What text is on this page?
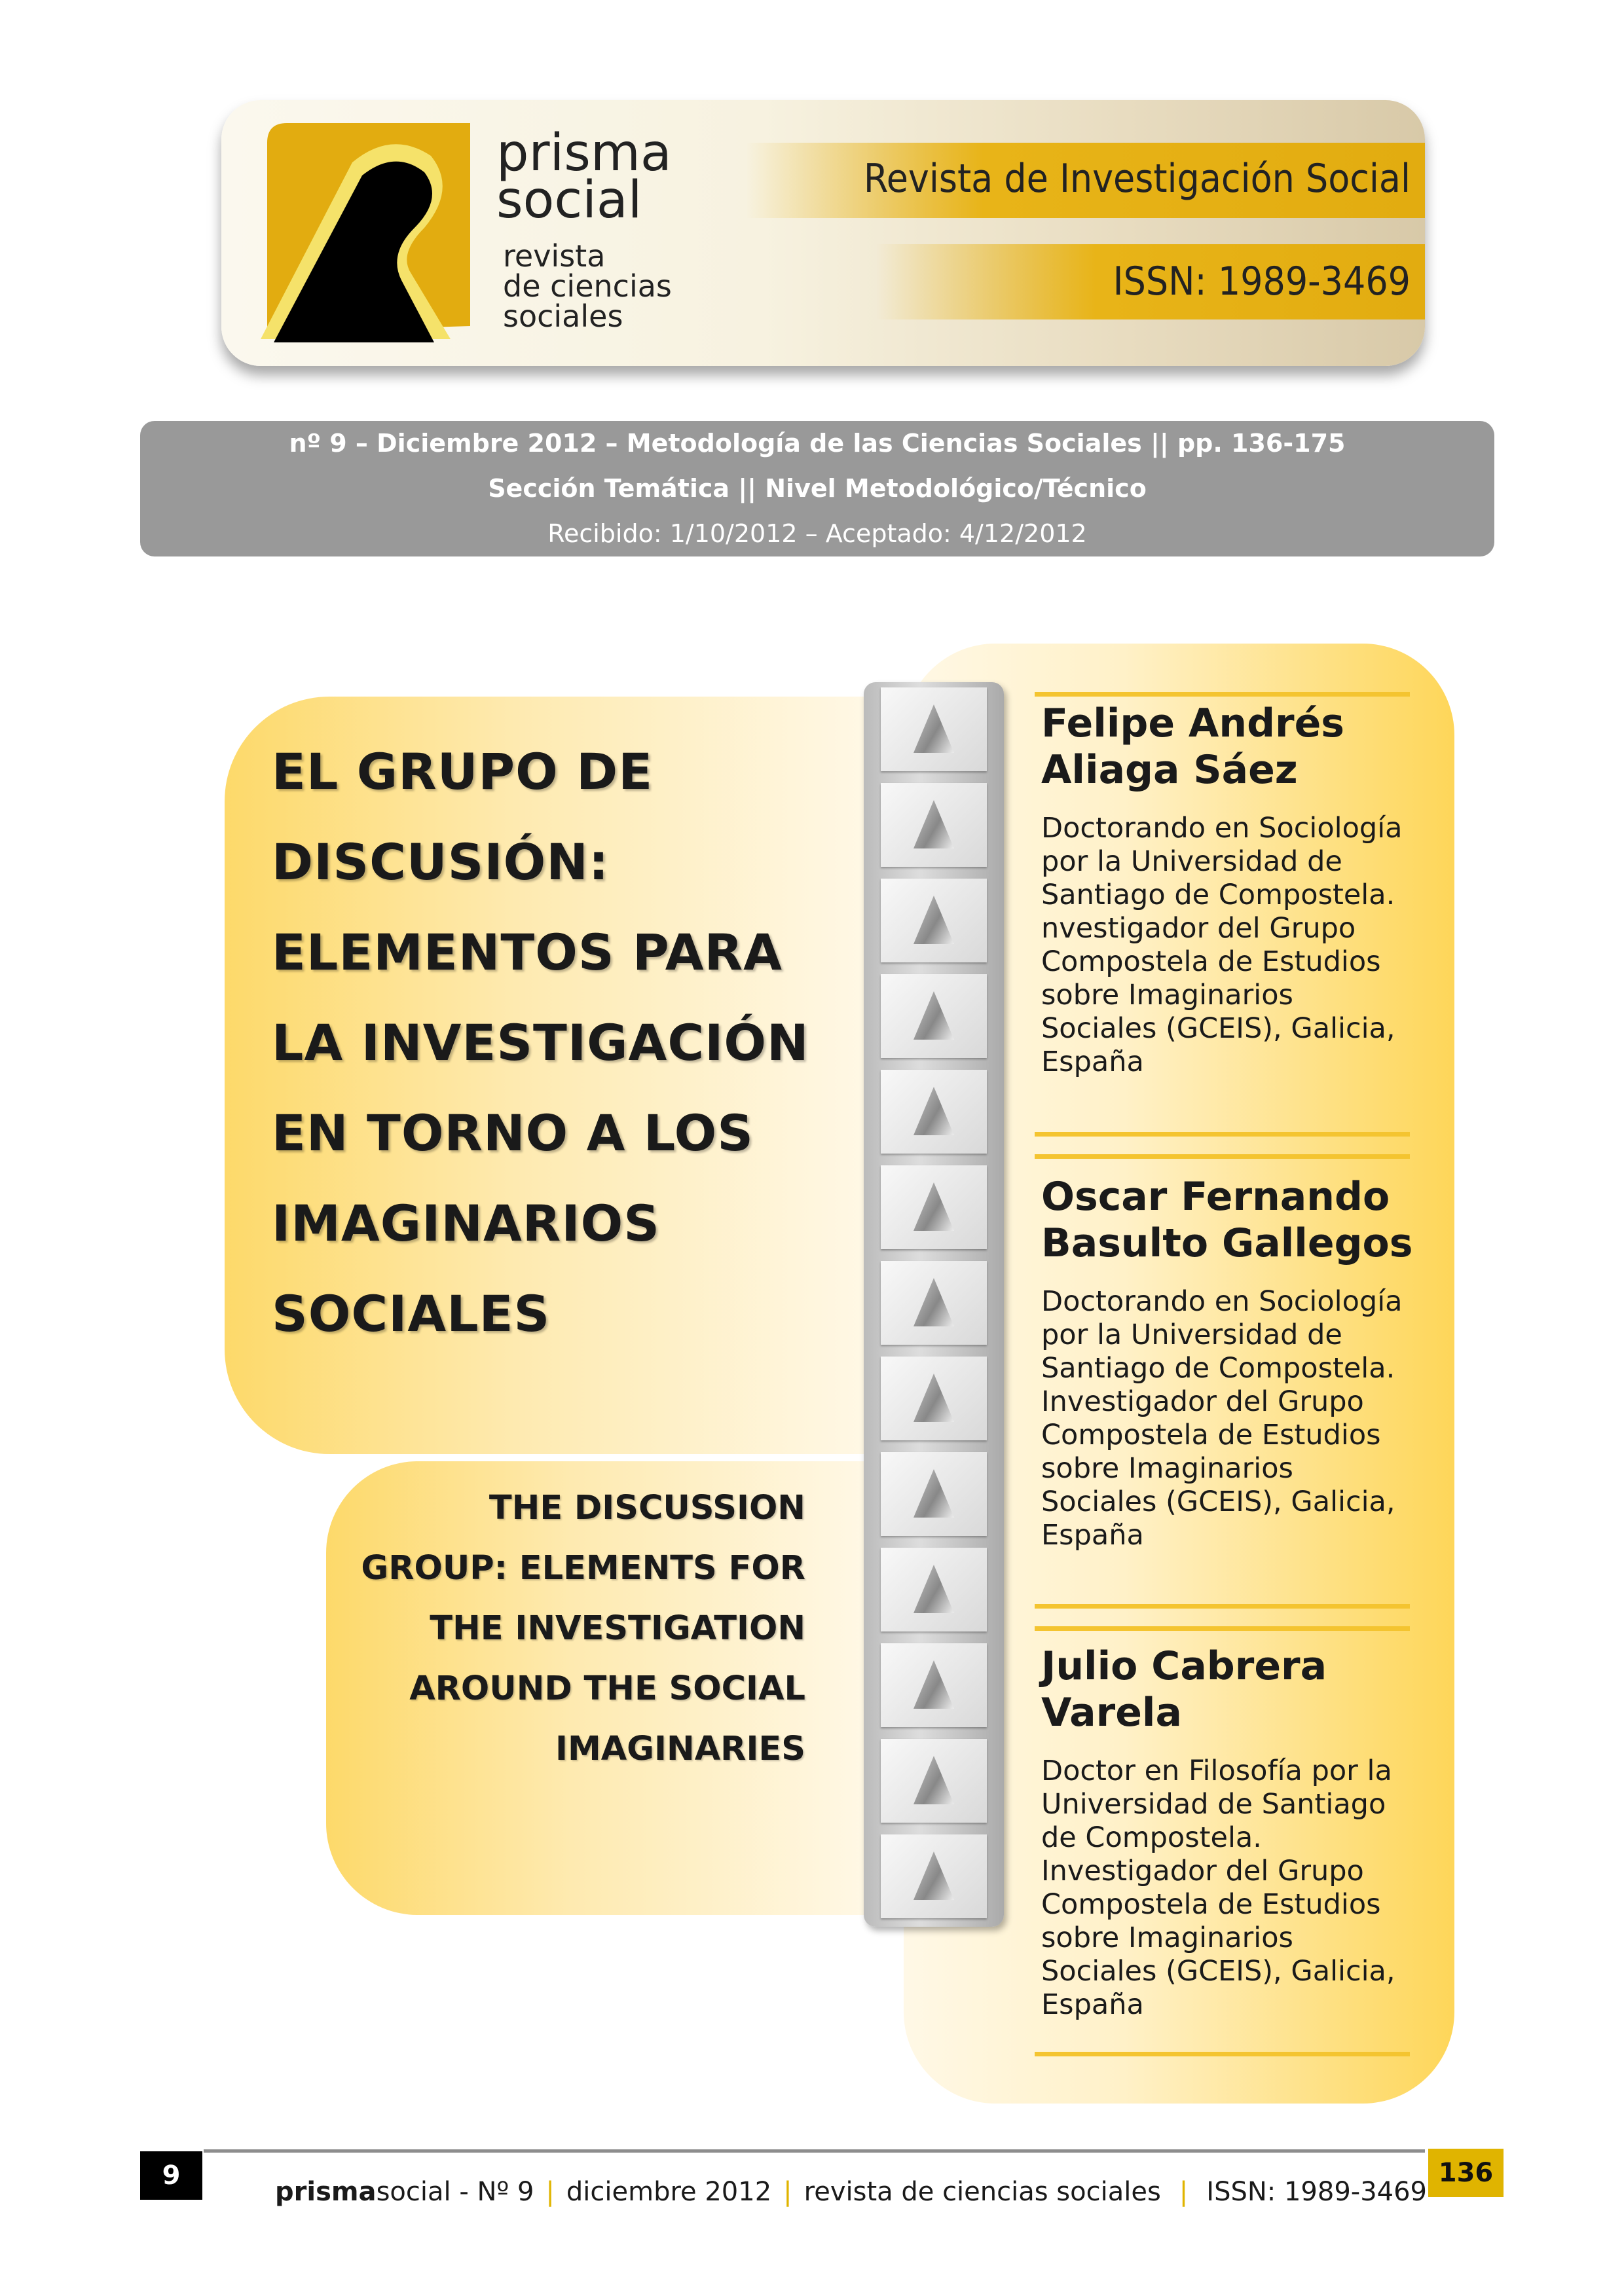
prisma
social
revista
de ciencias
sociales
Revista de Investigación Social
ISSN: 1989-3469
nº 9 – Diciembre 2012 – Metodología de las Ciencias Sociales || pp. 136-175
Sección Temática || Nivel Metodológico/Técnico
Recibido: 1/10/2012 – Aceptado: 4/12/2012
EL GRUPO DE
DISCUSIÓN:
ELEMENTOS PARA
LA INVESTIGACIÓN
EN TORNO A LOS
IMAGINARIOS
SOCIALES
THE DISCUSSION
GROUP: ELEMENTS FOR
THE INVESTIGATION
AROUND THE SOCIAL
IMAGINARIES
Felipe Andrés
Aliaga Sáez
Doctorando en Sociología
por la Universidad de
Santiago de Compostela.
nvestigador del Grupo
Compostela de Estudios
sobre Imaginarios
Sociales (GCEIS), Galicia,
España
Oscar Fernando
Basulto Gallegos
Doctorando en Sociología
por la Universidad de
Santiago de Compostela.
Investigador del Grupo
Compostela de Estudios
sobre Imaginarios
Sociales (GCEIS), Galicia,
España
Julio Cabrera
Varela
Doctor en Filosofía por la
Universidad de Santiago
de Compostela.
Investigador del Grupo
Compostela de Estudios
sobre Imaginarios
Sociales (GCEIS), Galicia,
España
9	136
prismasocial - Nº 9 | diciembre 2012 | revista de ciencias sociales | ISSN: 1989-3469
